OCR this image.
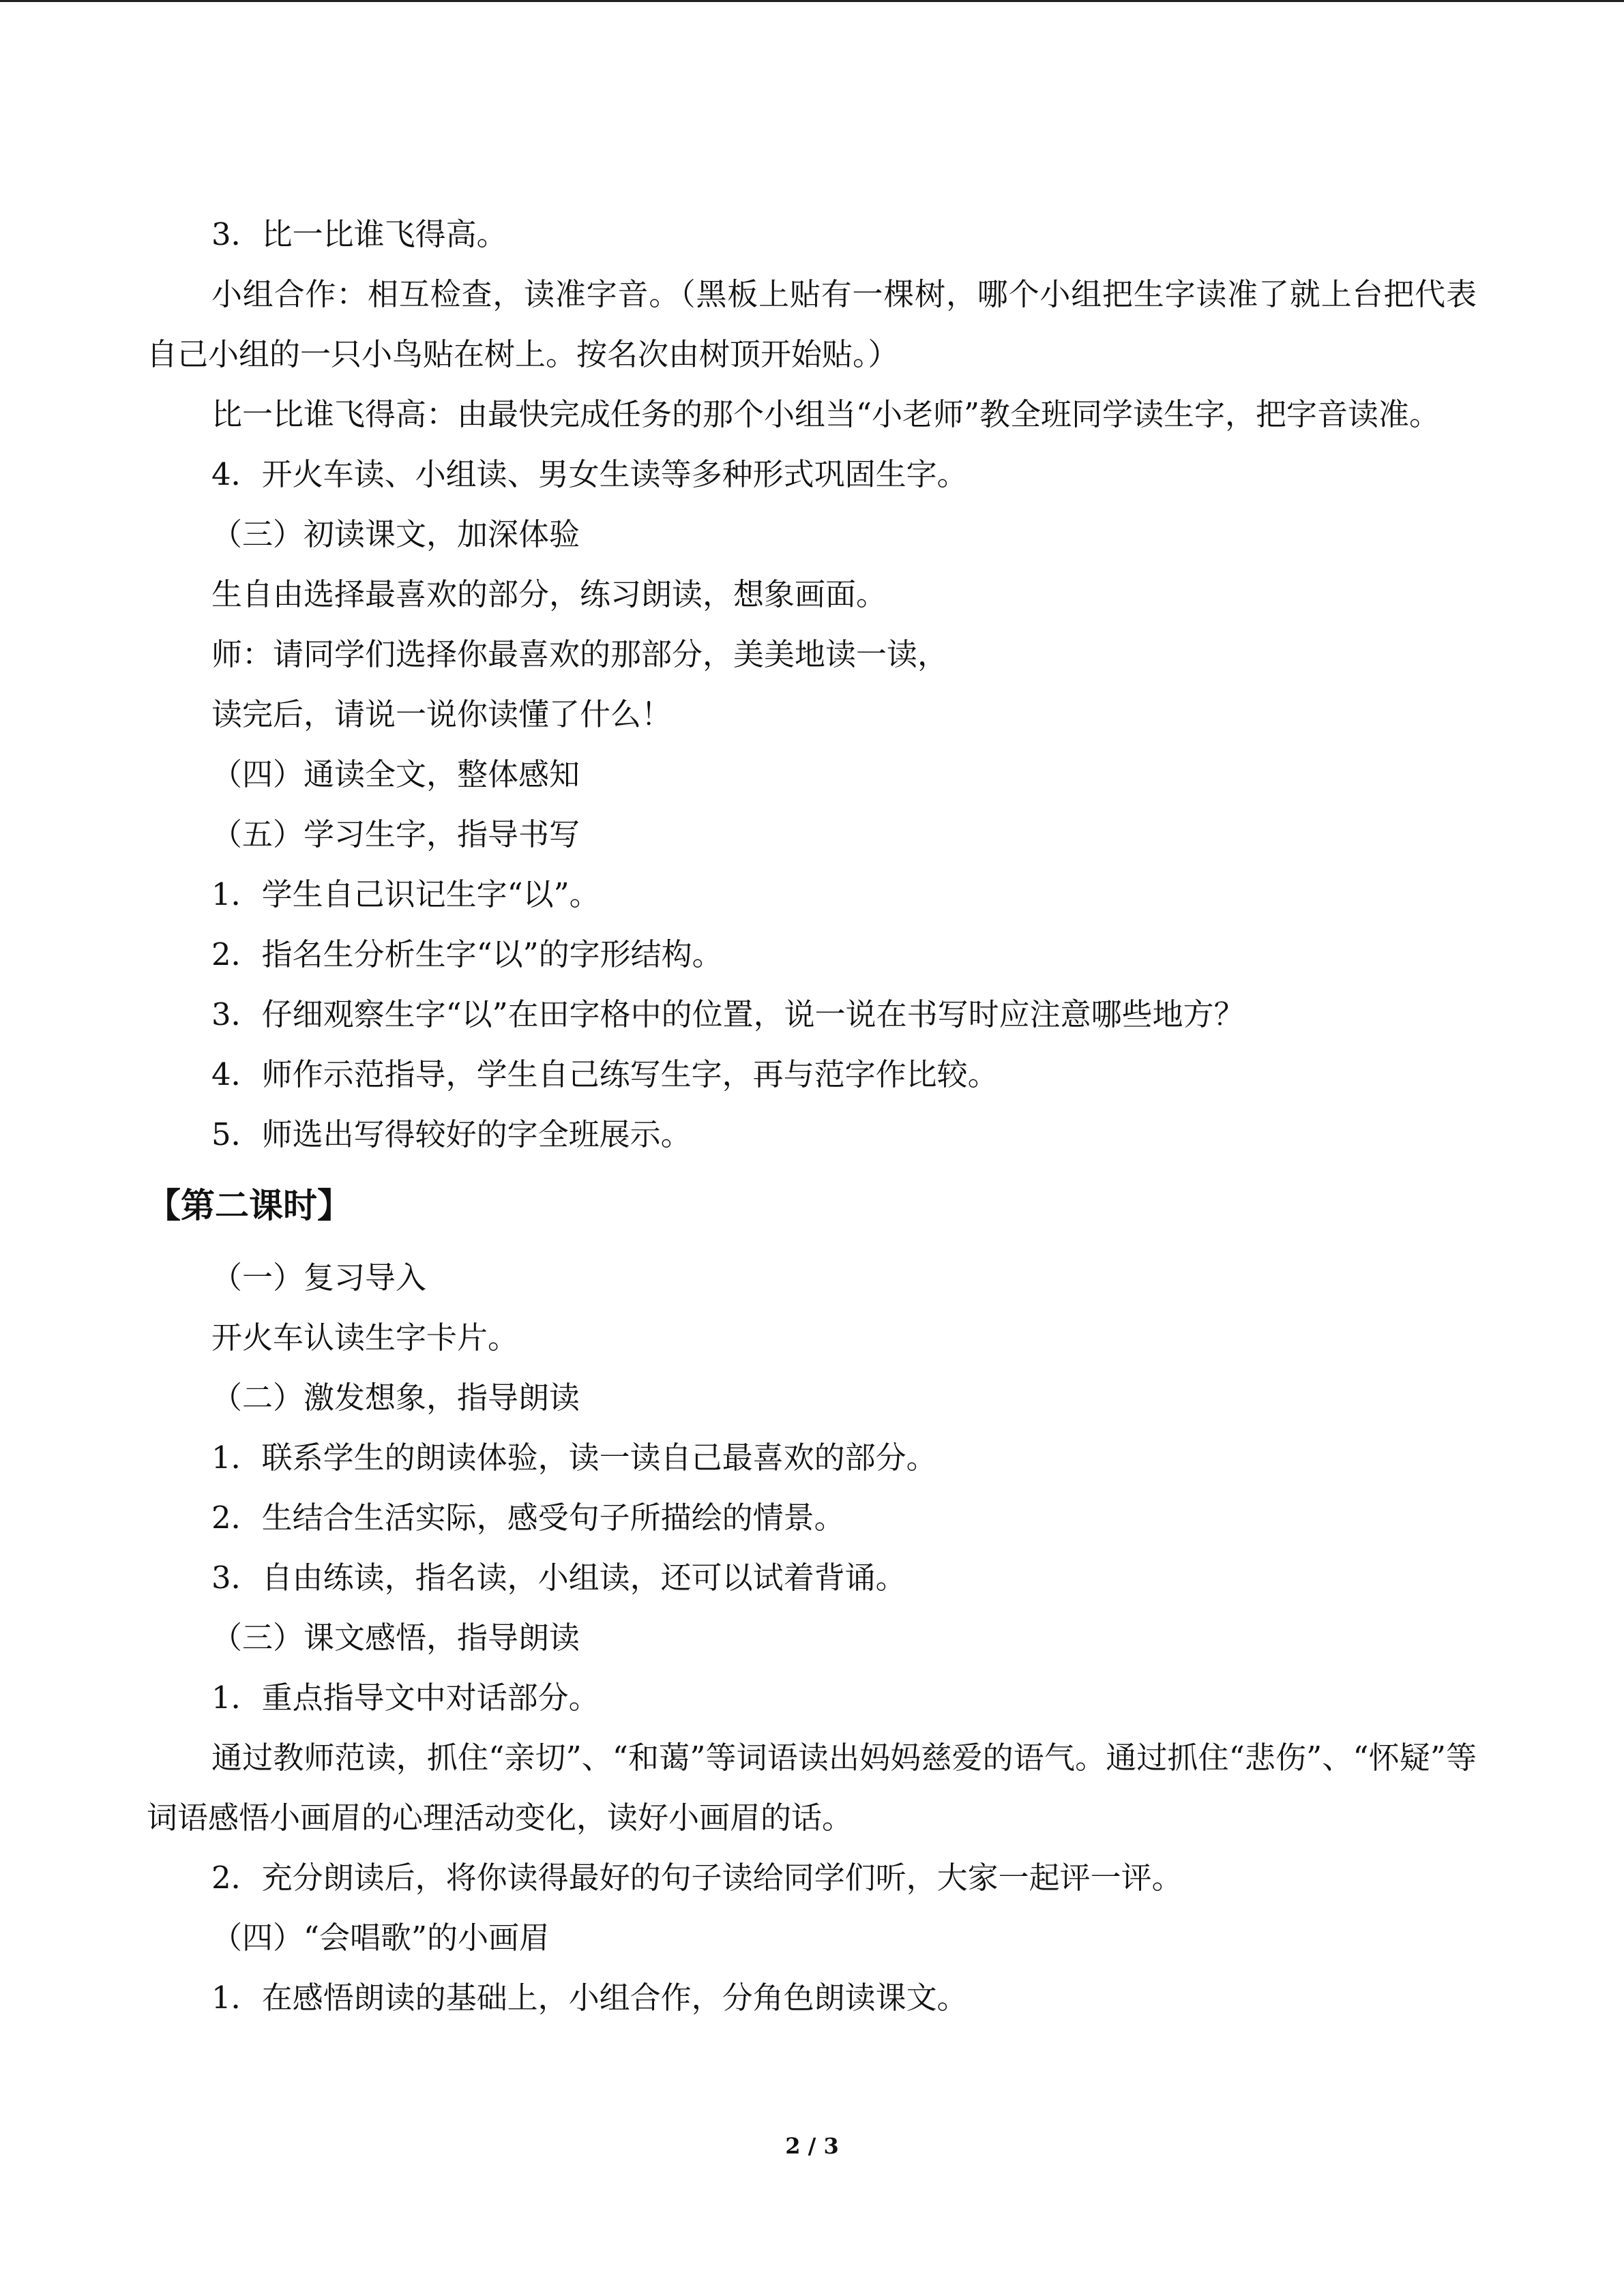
3．比一比谁飞得高。
小组合作：相互检查，读准字音。（黑板上贴有一棵树，哪个小组把生字读准了就上台把代表自己小组的一只小鸟贴在树上。按名次由树顶开始贴。）
比一比谁飞得高：由最快完成任务的那个小组当“小老师”教全班同学读生字，把字音读准。
4．开火车读、小组读、男女生读等多种形式巩固生字。
（三）初读课文，加深体验
生自由选择最喜欢的部分，练习朗读，想象画面。
师：请同学们选择你最喜欢的那部分，美美地读一读，
读完后，请说一说你读懂了什么！
（四）通读全文，整体感知
（五）学习生字，指导书写
1．学生自己识记生字“以”。
2．指名生分析生字“以”的字形结构。
3．仔细观察生字“以”在田字格中的位置，说一说在书写时应注意哪些地方？
4．师作示范指导，学生自己练写生字，再与范字作比较。
5．师选出写得较好的字全班展示。
【第二课时】
（一）复习导入
开火车认读生字卡片。
（二）激发想象，指导朗读
1．联系学生的朗读体验，读一读自己最喜欢的部分。
2．生结合生活实际，感受句子所描绘的情景。
3．自由练读，指名读，小组读，还可以试着背诵。
（三）课文感悟，指导朗读
1．重点指导文中对话部分。
通过教师范读，抓住“亲切”、“和蔼”等词语读出妈妈慈爱的语气。通过抓住“悲伤”、“怀疑”等词语感悟小画眉的心理活动变化，读好小画眉的话。
2．充分朗读后，将你读得最好的句子读给同学们听，大家一起评一评。
（四）“会唱歌”的小画眉
1．在感悟朗读的基础上，小组合作，分角色朗读课文。
2 / 3
